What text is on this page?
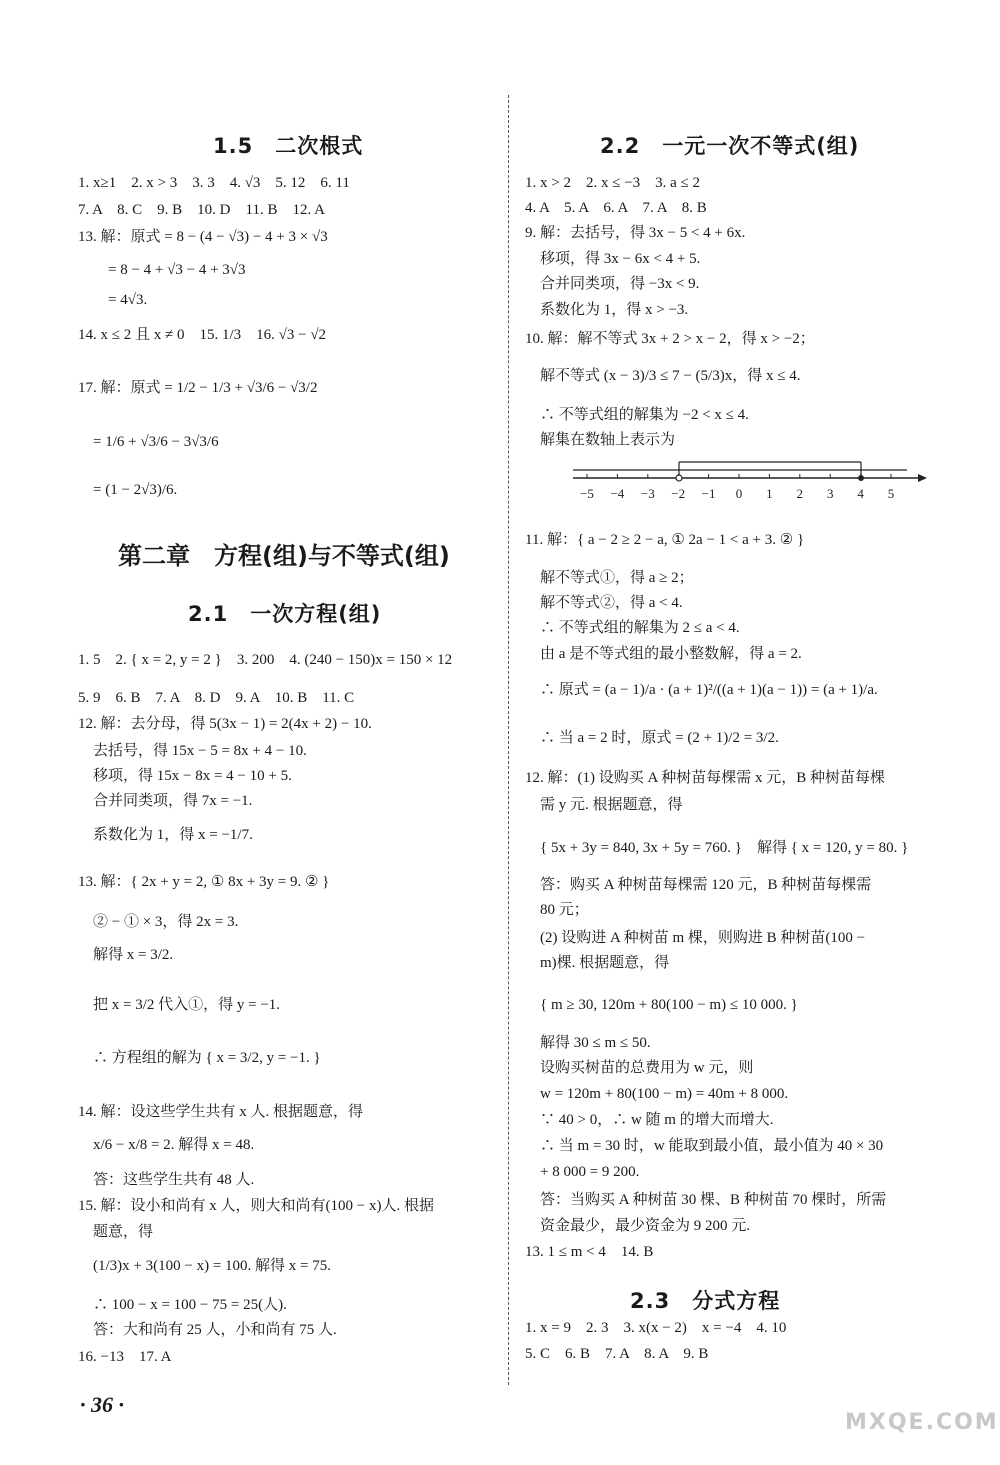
1.5　二次根式
1. x≥1　2. x > 3　3. 3　4. √3　5. 12　6. 11
7. A　8. C　9. B　10. D　11. B　12. A
13. 解：原式 = 8 − (4 − √3) − 4 + 3 × √3
　　= 8 − 4 + √3 − 4 + 3√3
　　= 4√3.
14. x ≤ 2 且 x ≠ 0　15. 1/3　16. √3 − √2
17. 解：原式 = 1/2 − 1/3 + √3/6 − √3/2
　= 1/6 + √3/6 − 3√3/6
　= (1 − 2√3)/6.
第二章　方程(组)与不等式(组)
2.1　一次方程(组)
1. 5　2. { x = 2, y = 2 }　3. 200　4. (240 − 150)x = 150 × 12
5. 9　6. B　7. A　8. D　9. A　10. B　11. C
12. 解：去分母，得 5(3x − 1) = 2(4x + 2) − 10.
　去括号，得 15x − 5 = 8x + 4 − 10.
　移项，得 15x − 8x = 4 − 10 + 5.
　合并同类项，得 7x = −1.
　系数化为 1，得 x = −1/7.
13. 解：{ 2x + y = 2, ① 8x + 3y = 9. ② }
　② − ① × 3，得 2x = 3.
　解得 x = 3/2.
　把 x = 3/2 代入①，得 y = −1.
　∴ 方程组的解为 { x = 3/2, y = −1. }
14. 解：设这些学生共有 x 人. 根据题意，得
　x/6 − x/8 = 2. 解得 x = 48.
　答：这些学生共有 48 人.
15. 解：设小和尚有 x 人，则大和尚有(100 − x)人. 根据
　题意，得
　(1/3)x + 3(100 − x) = 100. 解得 x = 75.
　∴ 100 − x = 100 − 75 = 25(人).
　答：大和尚有 25 人，小和尚有 75 人.
16. −13　17. A
2.2　一元一次不等式(组)
1. x > 2　2. x ≤ −3　3. a ≤ 2
4. A　5. A　6. A　7. A　8. B
9. 解：去括号，得 3x − 5 < 4 + 6x.
　移项，得 3x − 6x < 4 + 5.
　合并同类项，得 −3x < 9.
　系数化为 1，得 x > −3.
10. 解：解不等式 3x + 2 > x − 2，得 x > −2；
　解不等式 (x − 3)/3 ≤ 7 − (5/3)x，得 x ≤ 4.
　∴ 不等式组的解集为 −2 < x ≤ 4.
　解集在数轴上表示为
−5 −4 −3 −2 −1 0 1 2 3 4 5
11. 解：{ a − 2 ≥ 2 − a, ① 2a − 1 < a + 3. ② }
　解不等式①，得 a ≥ 2；
　解不等式②，得 a < 4.
　∴ 不等式组的解集为 2 ≤ a < 4.
　由 a 是不等式组的最小整数解，得 a = 2.
　∴ 原式 = (a − 1)/a · (a + 1)²/((a + 1)(a − 1)) = (a + 1)/a.
　∴ 当 a = 2 时，原式 = (2 + 1)/2 = 3/2.
12. 解：(1) 设购买 A 种树苗每棵需 x 元，B 种树苗每棵
　需 y 元. 根据题意，得
　{ 5x + 3y = 840, 3x + 5y = 760. }　解得 { x = 120, y = 80. }
　答：购买 A 种树苗每棵需 120 元，B 种树苗每棵需
　80 元；
　(2) 设购进 A 种树苗 m 棵，则购进 B 种树苗(100 −
　m)棵. 根据题意，得
　{ m ≥ 30, 120m + 80(100 − m) ≤ 10 000. }
　解得 30 ≤ m ≤ 50.
　设购买树苗的总费用为 w 元，则
　w = 120m + 80(100 − m) = 40m + 8 000.
　∵ 40 > 0，∴ w 随 m 的增大而增大.
　∴ 当 m = 30 时，w 能取到最小值，最小值为 40 × 30
　+ 8 000 = 9 200.
　答：当购买 A 种树苗 30 棵、B 种树苗 70 棵时，所需
　资金最少，最少资金为 9 200 元.
13. 1 ≤ m < 4　14. B
2.3　分式方程
1. x = 9　2. 3　3. x(x − 2)　x = −4　4. 10
5. C　6. B　7. A　8. A　9. B
· 36 ·
MXQE.COM
